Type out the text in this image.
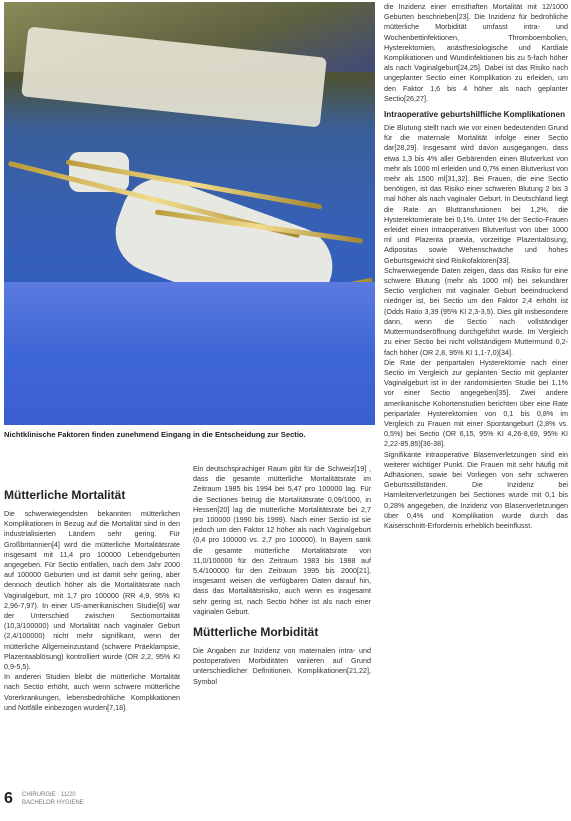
Nichtklinische Faktoren finden zunehmend Eingang in die Entscheidung zur Sectio.
Mütterliche Mortalität

Die schwerwiegendsten bekannten mütterlichen Komplikationen in Bezug auf die Mortalität sind in den industrialisierten Ländern sehr gering. Für Großbritannien[4] wird die mütterliche Mortalitätsrate insgesamt mit 11,4 pro 100000 Lebendgeburten angegeben. Für Sectio entfallen, nach dem Jahr 2000 auf 100000 Geburten und ist damit sehr gering, aber dennoch deutlich höher als die Mortalitätsrate nach Vaginalgeburt, mit 1,7 pro 100000 (RR 4,9, 95% KI 2,96-7,97). In einer US-amerikanischen Studie[6] war der Unterschied zwischen Sectiomortalität (10,3/100000) und Mortalität nach vaginaler Geburt (2,4/100000) nicht mehr signifikant, wenn der mütterliche Allgemeinzustand (schwere Präeklampsie, Plazentaablösung) kontrolliert wurde (OR 2,2, 95% KI 0,9-5,5).

In anderen Studien bleibt die mütterliche Mortalität nach Sectio erhöht, auch wenn schwere mütterliche Vorerkrankungen, lebensbedrohliche Komplikationen und Notfälle einbezogen wurden[7,18].

Ein deutschsprachiger Raum gibt für die Schweiz[19] , dass die gesamte mütterliche Mortalitätsrate im Zeitraum 1985 bis 1994 bei 5,47 pro 100000 lag. Für die Sectiones betrug die Mortalitätsrate 0,09/1000, in Hessen[20] lag die mütterliche Mortalitätsrate bei 2,7 pro 100000 (1990 bis 1999). Nach einer Sectio ist sie jedoch um den Faktor 12 höher als nach Vaginalgeburt (0,4 pro 100000 vs. 2,7 pro 100000). In Bayern sank die gesamte mütterliche Mortalitätsrate von 11,0/100000 für den Zeitraum 1983 bis 1988 auf 5,4/100000 für den Zeitraum 1995 bis 2000[21], insgesamt weisen die verfügbaren Daten darauf hin, dass das Mortalitätsrisiko, auch wenn es insgesamt sehr gering ist, nach Sectio höher ist als nach einer vaginalen Geburt.

Mütterliche Morbidität

Die Angaben zur Inzidenz von maternalen intra- und postoperativen Morbiditäten variieren auf Grund unterschiedlicher Definitionen. Komplikationen[21,22], Symbol

die Inzidenz einer ernsthaften Mortalität mit 12/1000 Geburten beschrieben[23]. Die Inzidenz für bedrohliche mütterliche Morbidität umfasst intra- und Wochenbettinfektionen, Thromboembolien, Hysterektomien, anästhesiologische und Kardiale Komplikationen und Wundinfektionen bis zu 5-fach höher als nach Vaginalgeburt[24,25]. Dabei ist das Risiko nach ungeplanter Sectio einer Komplikation zu erleiden, um den Faktor 1,6 bis 4 höher als nach geplanter Sectio[26,27].

Intraoperative geburtshilfliche Komplikationen

Die Blutung stellt nach wie vor einen bedeutenden Grund für die maternale Mortalität infolge einer Sectio dar[28,29]. Insgesamt wird davon ausgegangen, dass etwa 1,3 bis 4% aller Gebärenden einen Blutverlust von mehr als 1000 ml erleiden und 0,7% einen Blutverlust von mehr als 1500 ml[31,32]. Bei Frauen, die eine Sectio benötigen, ist das Risiko einer schweren Blutung 2 bis 3 mal höher als nach vaginaler Geburt. In Deutschland liegt die Rate an Bluttransfusionen bei 1,2%, die Hysterektomierate bei 0,1%. Unter 1% der Sectio-Frauen erleidet einen intraoperativen Blutverlust von über 1000 ml und Plazenta praevia, vorzeitige Plazentalösung, Adipositas sowie Wehenschwäche und hohes Geburtsgewicht sind Risikofaktoren[33].

Schwerwiegende Daten zeigen, dass das Risiko für eine schwere Blutung (mehr als 1000 ml) bei sekundärer Sectio verglichen mit vaginaler Geburt beeindruckend niedriger ist, bei Sectio um den Faktor 2,4 erhöht ist (Odds Ratio 3,39 (95% KI 2,3-3,5). Dies gilt insbesondere dann, wenn die Sectio nach vollständiger Muttermundseröffnung durchgeführt wurde. Im Vergleich zu einer Sectio bei nicht vollständigem Muttermund 0,2-fach höher (OR 2,8, 95% KI 1,1-7,0)[34].

Die Rate der peripartalen Hysterektomie nach einer Sectio im Vergleich zur geplanten Sectio mit geplanter Vaginalgeburt ist in der randomisierten Studie bei 1,1% vor einer Sectio angegeben[35]. Zwei andere amerikanische Kohortenstudien berichten über eine Rate peripartaler Hysterektomien von 0,1 bis 0,8% im Vergleich zu Frauen mit einer Spontangeburt (2,8% vs. 0,5%) bei Sectio (OR 6,15, 95% KI 4,26-8,69, 95% KI 2,22-85,85)[36-38].

Signifikante intraoperative Blasenverletzungen sind ein weiterer wichtiger Punkt. Die Frauen mit sehr häufig mit Adhäsionen, sowie bei Vorliegen von sehr schweren Geburtsstillständen. Die Inzidenz bei Harnleiterverletzungen bei Sectiones wurde mit 0,1 bis 0,28% angegeben, die Inzidenz von Blasenverletzungen über 0,4% und Komplikation wurde durch das Kaiserschnitt-Erfordernis erheblich beeinflusst.

6 CHIRURGIE · 11/20
BACHELOR HYGIENE
